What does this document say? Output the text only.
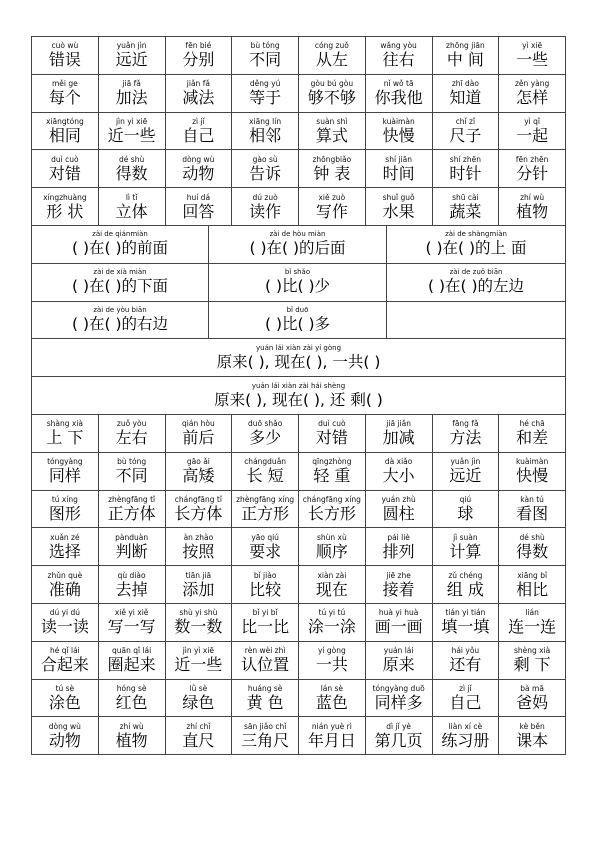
cuò wù
错误
yuǎn jìn
远近
fēn bié
分别
bù tóng
不同
cóng zuǒ
从左
wǎng yòu
往右
zhōng jiān
中 间
yì xiē
一些
měi ge
每个
jiā fǎ
加法
jiǎn fǎ
减法
děng yú
等于
gòu bú gòu
够不够
nǐ wǒ tā
你我他
zhī dào
知道
zěn yàng
怎样
xiāngtóng
相同
jìn yì xiē
近一些
zì jǐ
自己
xiāng lín
相邻
suàn shì
算式
kuàimàn
快慢
chǐ zǐ
尺子
yì qǐ
一起
duì cuò
对错
dé shù
得数
dòng wù
动物
gào sù
告诉
zhōngbiǎo
钟 表
shí jiān
时间
shí zhēn
时针
fēn zhēn
分针
xíngzhuàng
形 状
lì tǐ
立体
huí dá
回答
dú zuò
读作
xiě zuò
写作
shuǐ guǒ
水果
shū cài
蔬菜
zhí wù
植物
zài de qiánmiàn
( )在( )的前面
zài de hòu miàn
( )在( )的后面
zài de shàngmiàn
( )在( )的上 面
zài de xià miàn
( )在( )的下面
bǐ shǎo
( )比( )少
zài de zuǒ biān
( )在( )的左边
zài de yòu biān
( )在( )的右边
bǐ duō
( )比( )多
yuán lái xiàn zài yí gòng
原来( ), 现在( ), 一共( )
yuán lái xiàn zài hái shèng
原来( ), 现在( ), 还 剩( )
shàng xià
上 下
zuǒ yòu
左右
qián hòu
前后
duō shǎo
多少
duì cuò
对错
jiā jiǎn
加减
fāng fǎ
方法
hé chā
和差
tóngyàng
同样
bù tóng
不同
gāo ǎi
高矮
chángduǎn
长 短
qīngzhòng
轻 重
dà xiǎo
大小
yuǎn jìn
远近
kuàimàn
快慢
tú xíng
图形
zhèngfāng tǐ
正方体
chángfāng tǐ
长方体
zhèngfāng xíng
正方形
chángfāng xíng
长方形
yuán zhù
圆柱
qiú
球
kàn tú
看图
xuǎn zé
选择
pànduàn
判断
àn zhào
按照
yāo qiú
要求
shùn xù
顺序
pái liè
排列
jì suàn
计算
dé shù
得数
zhǔn què
准确
qù diào
去掉
tiān jiā
添加
bǐ jiào
比较
xiàn zài
现在
jiē zhe
接着
zǔ chéng
组 成
xiāng bǐ
相比
dú yi dú
读一读
xiě yi xiě
写一写
shù yi shù
数一数
bǐ yi bǐ
比一比
tú yi tú
涂一涂
huà yi huà
画一画
tián yi tián
填一填
lián
连一连
hé qǐ lái
合起来
quān qǐ lái
圈起来
jìn yì xiē
近一些
rèn wèi zhì
认位置
yí gòng
一共
yuán lái
原来
hái yǒu
还有
shèng xià
剩 下
tú sè
涂色
hóng sè
红色
lǜ sè
绿色
huáng sè
黄 色
lán sè
蓝色
tóngyàng duō
同样多
zì jǐ
自己
bà mā
爸妈
dòng wù
动物
zhí wù
植物
zhí chǐ
直尺
sān jiǎo chǐ
三角尺
nián yuè rì
年月日
dì jǐ yè
第几页
liàn xí cè
练习册
kè běn
课本
